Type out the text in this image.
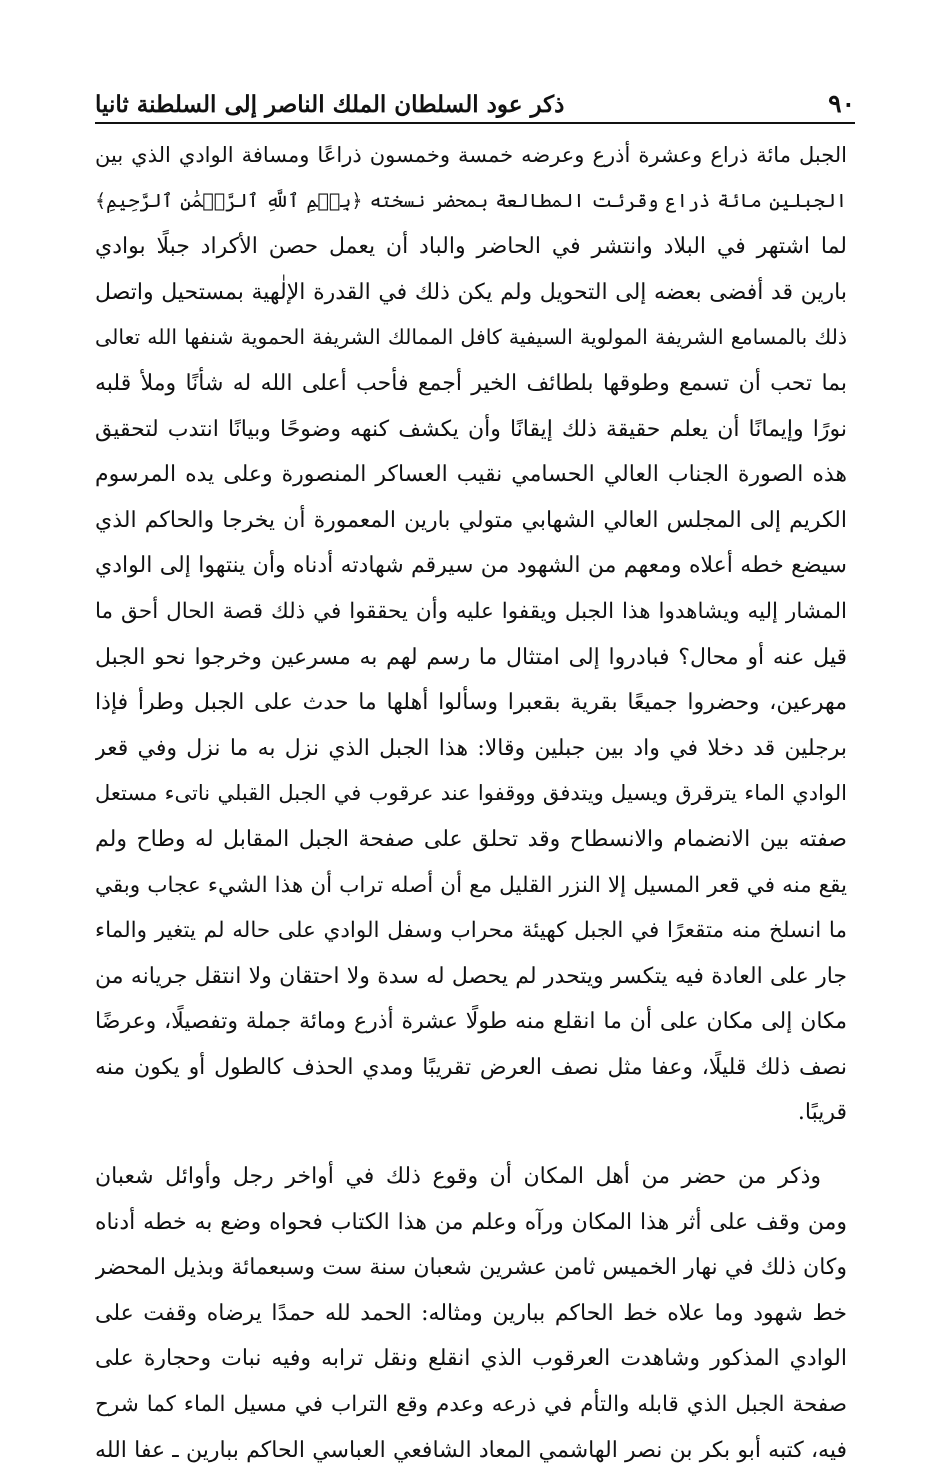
٩٠
ذكر عود السلطان الملك الناصر إلى السلطنة ثانيا
الجبل مائة ذراع وعشرة أذرع وعرضه خمسة وخمسون ذراعًا ومسافة الوادي الذي بين
الجبلين مائة ذراع وقرئت المطالعة بمحضر نسخته ﴿بِسۡمِ ٱللَّهِ ٱلرَّحۡمَٰنِ ٱلرَّحِيمِ﴾
لما اشتهر في البلاد وانتشر في الحاضر والباد أن يعمل حصن الأكراد جبلًا بوادي
بارين قد أفضى بعضه إلى التحويل ولم يكن ذلك في القدرة الإلٰهية بمستحيل واتصل
ذلك بالمسامع الشريفة المولوية السيفية كافل الممالك الشريفة الحموية شنفها الله تعالى
بما تحب أن تسمع وطوقها بلطائف الخير أجمع فأحب أعلى الله له شأنًا وملأ قلبه
نورًا وإيمانًا أن يعلم حقيقة ذلك إيقانًا وأن يكشف كنهه وضوحًا وبيانًا انتدب لتحقيق
هذه الصورة الجناب العالي الحسامي نقيب العساكر المنصورة وعلى يده المرسوم
الكريم إلى المجلس العالي الشهابي متولي بارين المعمورة أن يخرجا والحاكم الذي
سيضع خطه أعلاه ومعهم من الشهود من سيرقم شهادته أدناه وأن ينتهوا إلى الوادي
المشار إليه ويشاهدوا هذا الجبل ويقفوا عليه وأن يحققوا في ذلك قصة الحال أحق ما
قيل عنه أو محال؟ فبادروا إلى امتثال ما رسم لهم به مسرعين وخرجوا نحو الجبل
مهرعين، وحضروا جميعًا بقرية بقعبرا وسألوا أهلها ما حدث على الجبل وطرأ فإذا
برجلين قد دخلا في واد بين جبلين وقالا: هذا الجبل الذي نزل به ما نزل وفي قعر
الوادي الماء يترقرق ويسيل ويتدفق ووقفوا عند عرقوب في الجبل القبلي ناتىء مستعل
صفته بين الانضمام والانسطاح وقد تحلق على صفحة الجبل المقابل له وطاح ولم
يقع منه في قعر المسيل إلا النزر القليل مع أن أصله تراب أن هذا الشيء عجاب وبقي
ما انسلخ منه متقعرًا في الجبل كهيئة محراب وسفل الوادي على حاله لم يتغير والماء
جار على العادة فيه يتكسر ويتحدر لم يحصل له سدة ولا احتقان ولا انتقل جريانه من
مكان إلى مكان على أن ما انقلع منه طولًا عشرة أذرع ومائة جملة وتفصيلًا، وعرضًا
نصف ذلك قليلًا، وعفا مثل نصف العرض تقريبًا ومدي الحذف كالطول أو يكون منه
قريبًا.
وذكر من حضر من أهل المكان أن وقوع ذلك في أواخر رجل وأوائل شعبان
ومن وقف على أثر هذا المكان ورآه وعلم من هذا الكتاب فحواه وضع به خطه أدناه
وكان ذلك في نهار الخميس ثامن عشرين شعبان سنة ست وسبعمائة وبذيل المحضر
خط شهود وما علاه خط الحاكم ببارين ومثاله: الحمد لله حمدًا يرضاه وقفت على
الوادي المذكور وشاهدت العرقوب الذي انقلع ونقل ترابه وفيه نبات وحجارة على
صفحة الجبل الذي قابله والتأم في ذرعه وعدم وقع التراب في مسيل الماء كما شرح
فيه، كتبه أبو بكر بن نصر الهاشمي المعاد الشافعي العباسي الحاكم ببارين ـ عفا الله
